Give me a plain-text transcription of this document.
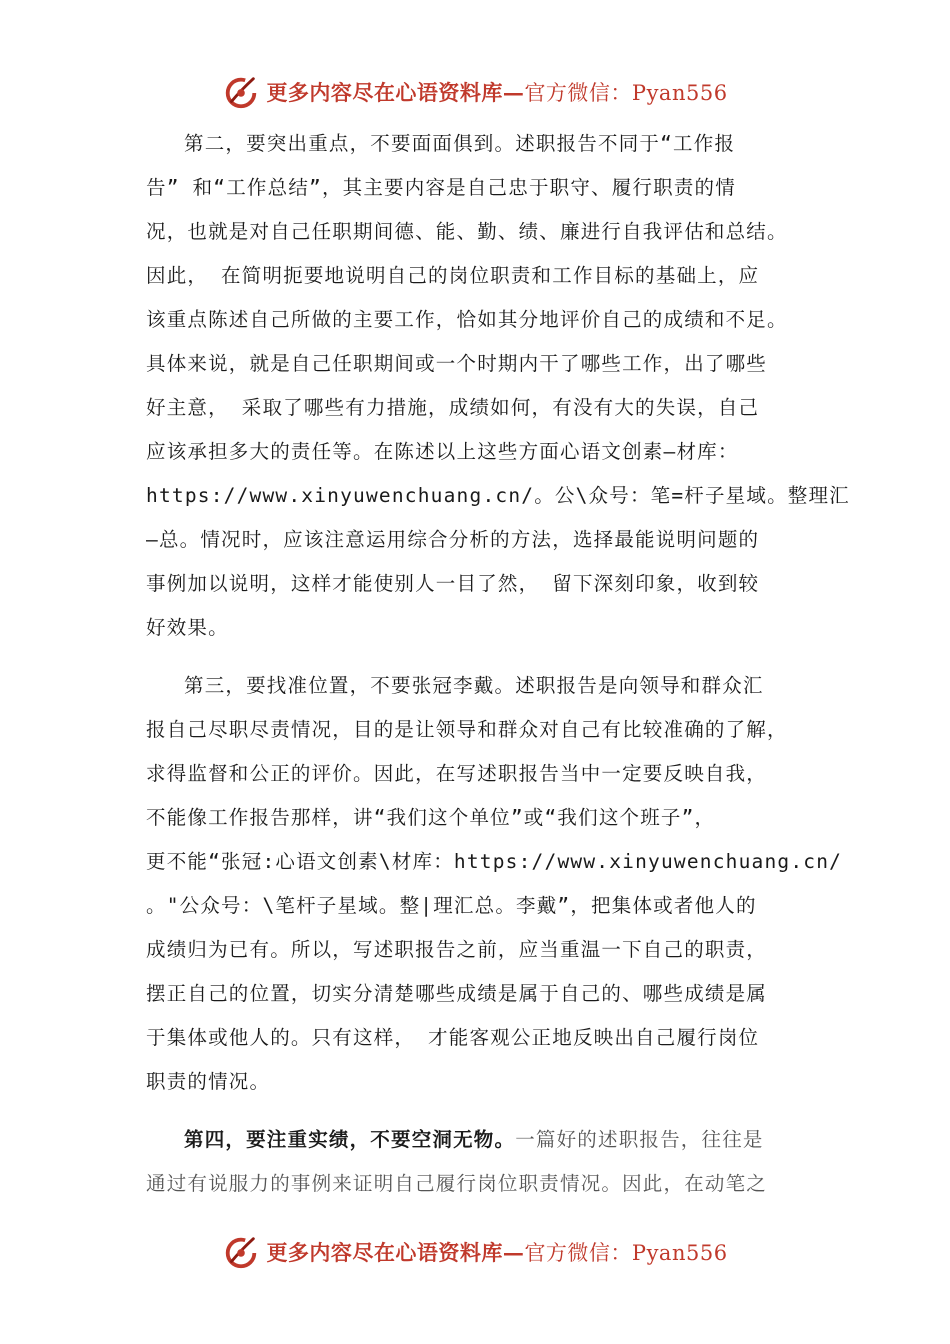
更多内容尽在心语资料库—官方微信：Pyan556
第二，要突出重点，不要面面俱到。述职报告不同于“工作报
告” 和“工作总结”，其主要内容是自己忠于职守、履行职责的情
况，也就是对自己任职期间德、能、勤、绩、廉进行自我评估和总结。
因此， 在简明扼要地说明自己的岗位职责和工作目标的基础上，应
该重点陈述自己所做的主要工作，恰如其分地评价自己的成绩和不足。
具体来说，就是自己任职期间或一个时期内干了哪些工作，出了哪些
好主意， 采取了哪些有力措施，成绩如何，有没有大的失误，自己
应该承担多大的责任等。在陈述以上这些方面心语文创素—材库：
https://www.xinyuwenchuang.cn/。公\众号：笔=杆子星域。整理汇
—总。情况时，应该注意运用综合分析的方法，选择最能说明问题的
事例加以说明，这样才能使别人一目了然， 留下深刻印象，收到较
好效果。
第三，要找准位置，不要张冠李戴。述职报告是向领导和群众汇
报自己尽职尽责情况，目的是让领导和群众对自己有比较准确的了解，
求得监督和公正的评价。因此，在写述职报告当中一定要反映自我，
不能像工作报告那样，讲“我们这个单位”或“我们这个班子”，
更不能“张冠:心语文创素\材库：https://www.xinyuwenchuang.cn/
。"公众号：\笔杆子星域。整|理汇总。李戴”，把集体或者他人的
成绩归为已有。所以，写述职报告之前，应当重温一下自己的职责，
摆正自己的位置，切实分清楚哪些成绩是属于自己的、哪些成绩是属
于集体或他人的。只有这样， 才能客观公正地反映出自己履行岗位
职责的情况。
第四，要注重实绩，不要空洞无物。一篇好的述职报告，往往是
通过有说服力的事例来证明自己履行岗位职责情况。因此，在动笔之
更多内容尽在心语资料库—官方微信：Pyan556
